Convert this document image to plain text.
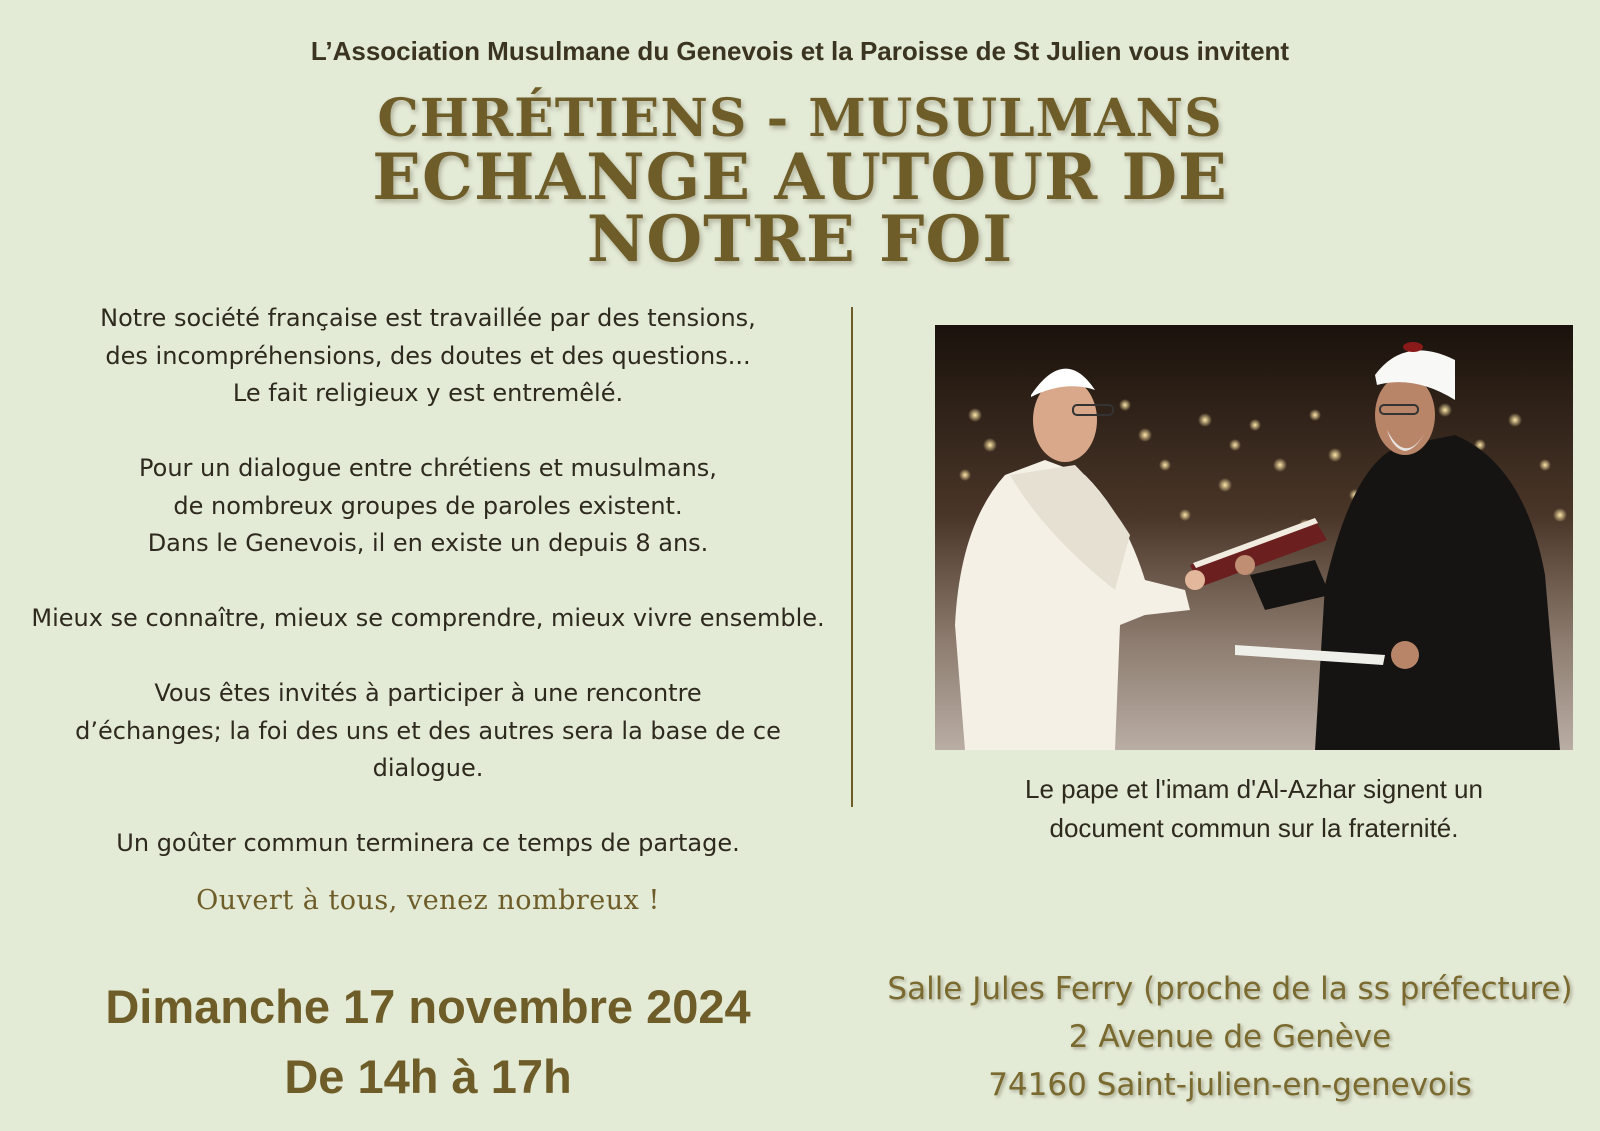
L’Association Musulmane du Genevois et la Paroisse de St Julien vous invitent
CHRÉTIENS - MUSULMANS
ECHANGE AUTOUR DE
NOTRE FOI

Notre société française est travaillée par des tensions,
des incompréhensions, des doutes et des questions...
Le fait religieux y est entremêlé.

Pour un dialogue entre chrétiens et musulmans,
de nombreux groupes de paroles existent.
Dans le Genevois, il en existe un depuis 8 ans.

Mieux se connaître, mieux se comprendre, mieux vivre ensemble.

Vous êtes invités à participer à une rencontre
d’échanges; la foi des uns et des autres sera la base de ce
dialogue.

Un goûter commun terminera ce temps de partage.

Ouvert à tous, venez nombreux !
Le pape et l'imam d'Al-Azhar signent un
document commun sur la fraternité.
Dimanche 17 novembre 2024
De 14h à 17h
Salle Jules Ferry (proche de la ss préfecture)
2 Avenue de Genève
74160 Saint-julien-en-genevois
